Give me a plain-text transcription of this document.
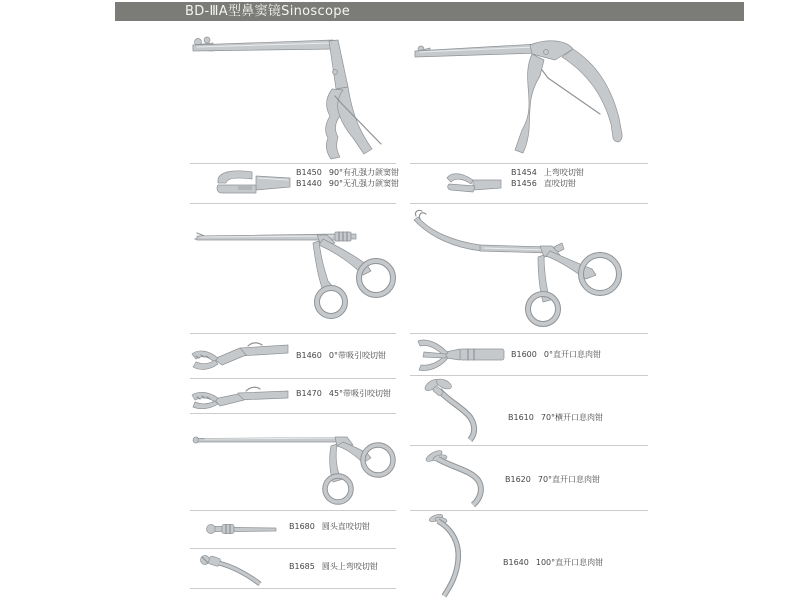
BD-ⅢA型鼻窦镜Sinoscope
B1450 90°有孔强力颌窦钳
B1440 90°无孔强力颌窦钳
B1454 上弯咬切钳
B1456 直咬切钳
B1460 0°带吸引咬切钳
B1470 45°带吸引咬切钳
B1600 0°直开口息肉钳
B1610 70°横开口息肉钳
B1620 70°直开口息肉钳
B1640 100°直开口息肉钳
B1680 圆头直咬切钳
B1685 圆头上弯咬切钳
